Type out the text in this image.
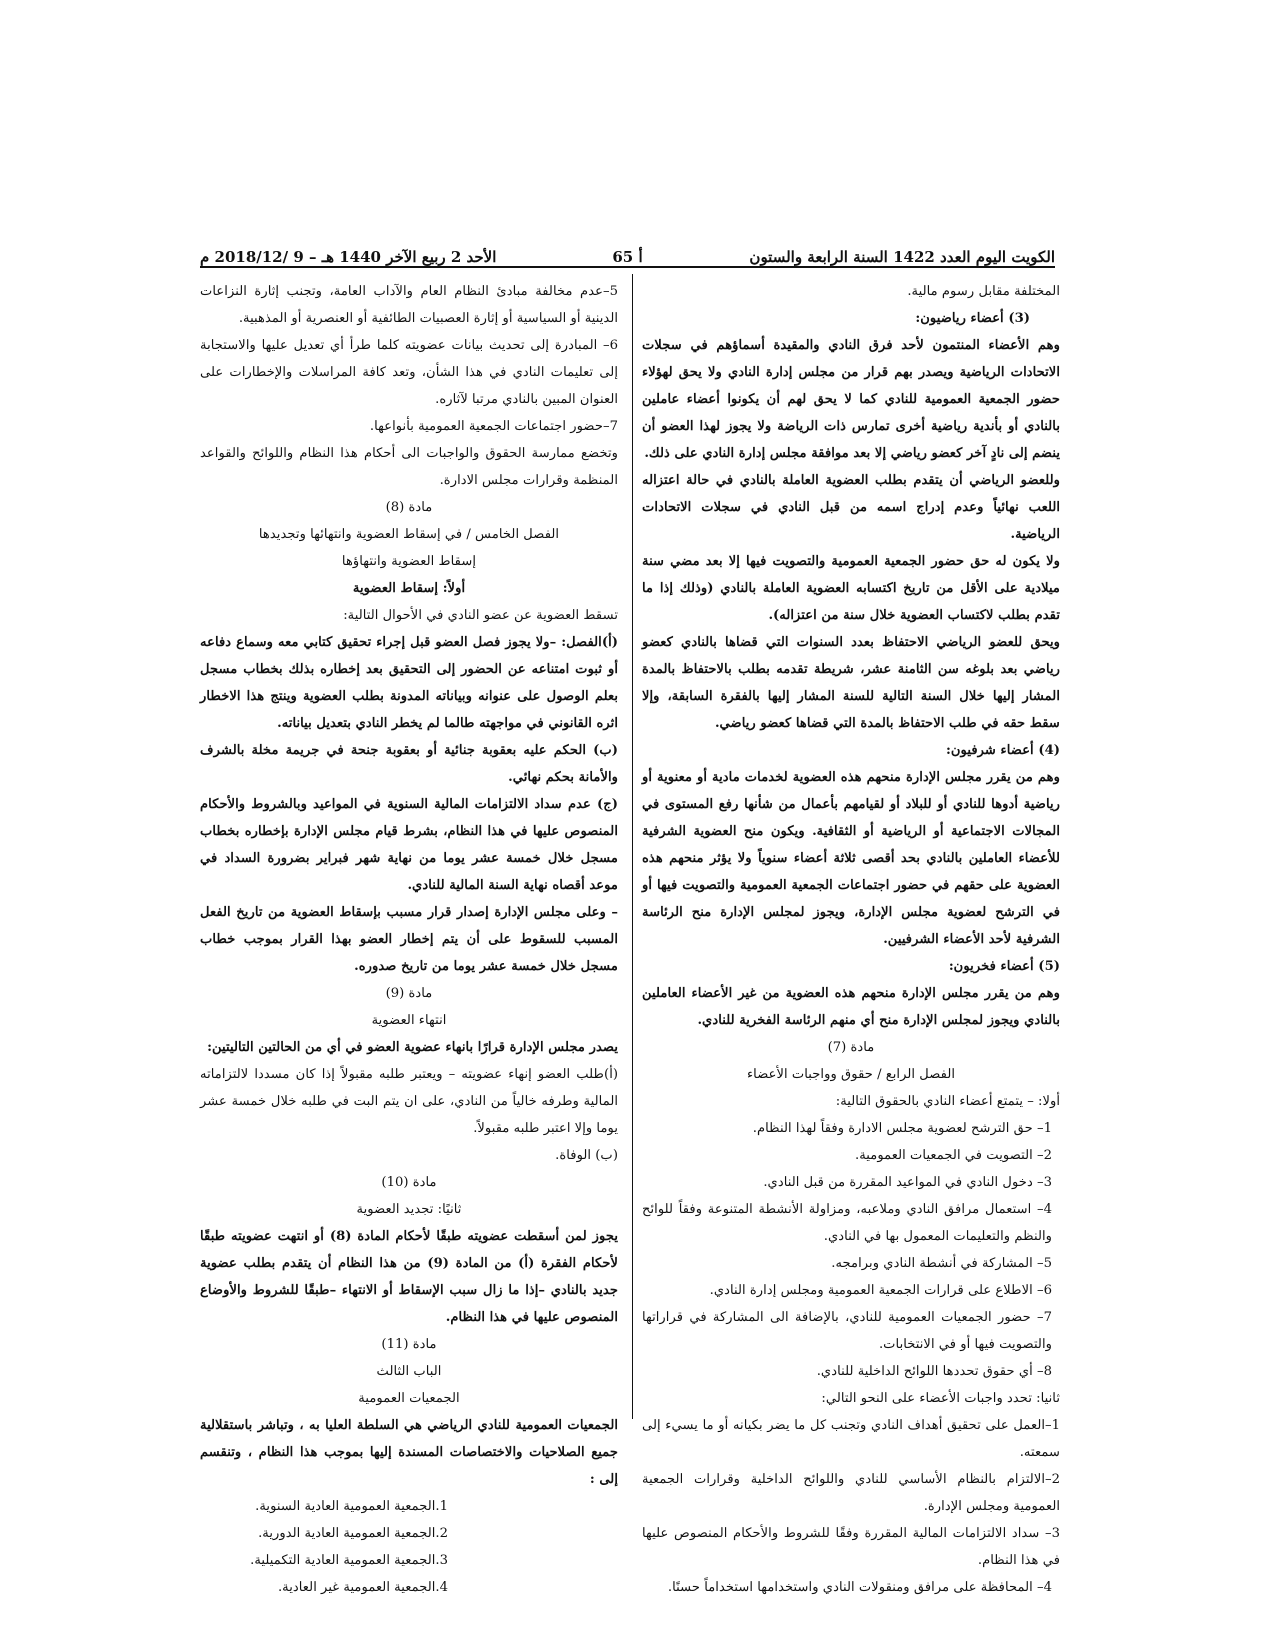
الأحد 2 ربيع الآخر 1440 هـ – 9 /2018/12 م	أ 65	الكويت اليوم العدد 1422 السنة الرابعة والستون

المختلفة مقابل رسوم مالية.

(3) أعضاء رياضيون:

وهم الأعضاء المنتمون لأحد فرق النادي والمقيدة أسماؤهم في سجلات الاتحادات الرياضية ويصدر بهم قرار من مجلس إدارة النادي ولا يحق لهؤلاء حضور الجمعية العمومية للنادي كما لا يحق لهم أن يكونوا أعضاء عاملين بالنادي أو بأندية رياضية أخرى تمارس ذات الرياضة ولا يجوز لهذا العضو أن ينضم إلى نادٍ آخر كعضو رياضي إلا بعد موافقة مجلس إدارة النادي على ذلك.

وللعضو الرياضي أن يتقدم بطلب العضوية العاملة بالنادي في حالة اعتزاله اللعب نهائياً وعدم إدراج اسمه من قبل النادي في سجلات الاتحادات الرياضية.

ولا يكون له حق حضور الجمعية العمومية والتصويت فيها إلا بعد مضي سنة ميلادية على الأقل من تاريخ اكتسابه العضوية العاملة بالنادي (وذلك إذا ما تقدم بطلب لاكتساب العضوية خلال سنة من اعتزاله).

ويحق للعضو الرياضي الاحتفاظ بعدد السنوات التي قضاها بالنادي كعضو رياضي بعد بلوغه سن الثامنة عشر، شريطة تقدمه بطلب بالاحتفاظ بالمدة المشار إليها خلال السنة التالية للسنة المشار إليها بالفقرة السابقة، وإلا سقط حقه في طلب الاحتفاظ بالمدة التي قضاها كعضو رياضي.

(4) أعضاء شرفيون:

وهم من يقرر مجلس الإدارة منحهم هذه العضوية لخدمات مادية أو معنوية أو رياضية أدوها للنادي أو للبلاد أو لقيامهم بأعمال من شأنها رفع المستوى في المجالات الاجتماعية أو الرياضية أو الثقافية. ويكون منح العضوية الشرفية للأعضاء العاملين بالنادي بحد أقصى ثلاثة أعضاء سنوياً ولا يؤثر منحهم هذه العضوية على حقهم في حضور اجتماعات الجمعية العمومية والتصويت فيها أو في الترشح لعضوية مجلس الإدارة، ويجوز لمجلس الإدارة منح الرئاسة الشرفية لأحد الأعضاء الشرفيين.

(5) أعضاء فخريون:

وهم من يقرر مجلس الإدارة منحهم هذه العضوية من غير الأعضاء العاملين بالنادي ويجوز لمجلس الإدارة منح أي منهم الرئاسة الفخرية للنادي.

مادة (7)

الفصل الرابع / حقوق وواجبات الأعضاء

أولا: – يتمتع أعضاء النادي بالحقوق التالية:

1– حق الترشح لعضوية مجلس الادارة وفقاً لهذا النظام.

2– التصويت في الجمعيات العمومية.

3– دخول النادي في المواعيد المقررة من قبل النادي.

4– استعمال مرافق النادي وملاعبه، ومزاولة الأنشطة المتنوعة وفقاً للوائح والنظم والتعليمات المعمول بها في النادي.

5– المشاركة في أنشطة النادي وبرامجه.

6– الاطلاع على قرارات الجمعية العمومية ومجلس إدارة النادي.

7– حضور الجمعيات العمومية للنادي، بالإضافة الى المشاركة في قراراتها والتصويت فيها أو في الانتخابات.

8– أي حقوق تحددها اللوائح الداخلية للنادي.

ثانيا: تحدد واجبات الأعضاء على النحو التالي:

1–العمل على تحقيق أهداف النادي وتجنب كل ما يضر بكيانه أو ما يسيء إلى سمعته.

2–الالتزام بالنظام الأساسي للنادي واللوائح الداخلية وقرارات الجمعية العمومية ومجلس الإدارة.

3– سداد الالتزامات المالية المقررة وفقًا للشروط والأحكام المنصوص عليها في هذا النظام.

4– المحافظة على مرافق ومنقولات النادي واستخدامها استخداماً حسنًا.

5–عدم مخالفة مبادئ النظام العام والآداب العامة، وتجنب إثارة النزاعات الدينية أو السياسية أو إثارة العصبيات الطائفية أو العنصرية أو المذهبية.

6– المبادرة إلى تحديث بيانات عضويته كلما طرأ أي تعديل عليها والاستجابة إلى تعليمات النادي في هذا الشأن، وتعد كافة المراسلات والإخطارات على العنوان المبين بالنادي مرتبا لآثاره.

7–حضور اجتماعات الجمعية العمومية بأنواعها.

وتخضع ممارسة الحقوق والواجبات الى أحكام هذا النظام واللوائح والقواعد المنظمة وقرارات مجلس الادارة.

مادة (8)

الفصل الخامس / في إسقاط العضوية وانتهائها وتجديدها

إسقاط العضوية وانتهاؤها

أولاً: إسقاط العضوية

تسقط العضوية عن عضو النادي في الأحوال التالية:

(أ)الفصل: –ولا يجوز فصل العضو قبل إجراء تحقيق كتابي معه وسماع دفاعه أو ثبوت امتناعه عن الحضور إلى التحقيق بعد إخطاره بذلك بخطاب مسجل بعلم الوصول على عنوانه وبياناته المدونة بطلب العضوية وينتج هذا الاخطار اثره القانوني في مواجهته طالما لم يخطر النادي بتعديل بياناته.

(ب) الحكم عليه بعقوبة جنائية أو بعقوبة جنحة في جريمة مخلة بالشرف والأمانة بحكم نهائي.

(ج) عدم سداد الالتزامات المالية السنوية في المواعيد وبالشروط والأحكام المنصوص عليها في هذا النظام، بشرط قيام مجلس الإدارة بإخطاره بخطاب مسجل خلال خمسة عشر يوما من نهاية شهر فبراير بضرورة السداد في موعد أقصاه نهاية السنة المالية للنادي.

– وعلى مجلس الإدارة إصدار قرار مسبب بإسقاط العضوية من تاريخ الفعل المسبب للسقوط على أن يتم إخطار العضو بهذا القرار بموجب خطاب مسجل خلال خمسة عشر يوما من تاريخ صدوره.

مادة (9)

انتهاء العضوية

يصدر مجلس الإدارة قرارًا بانهاء عضوية العضو في أي من الحالتين التاليتين:

(أ)طلب العضو إنهاء عضويته – ويعتبر طلبه مقبولاً إذا كان مسددا لالتزاماته المالية وطرفه خالياً من النادي، على ان يتم البت في طلبه خلال خمسة عشر يوما وإلا اعتبر طلبه مقبولاً.

(ب) الوفاة.

مادة (10)

ثانيًا: تجديد العضوية

يجوز لمن أسقطت عضويته طبقًا لأحكام المادة (8) أو انتهت عضويته طبقًا لأحكام الفقرة (أ) من المادة (9) من هذا النظام أن يتقدم بطلب عضوية جديد بالنادي –إذا ما زال سبب الإسقاط أو الانتهاء –طبقًا للشروط والأوضاع المنصوص عليها في هذا النظام.

مادة (11)

الباب الثالث

الجمعيات العمومية

الجمعيات العمومية للنادي الرياضي هي السلطة العليا به ، وتباشر باستقلالية جميع الصلاحيات والاختصاصات المسندة إليها بموجب هذا النظام ، وتنقسم إلى :

1.الجمعية العمومية العادية السنوية.

2.الجمعية العمومية العادية الدورية.

3.الجمعية العمومية العادية التكميلية.

4.الجمعية العمومية غير العادية.
